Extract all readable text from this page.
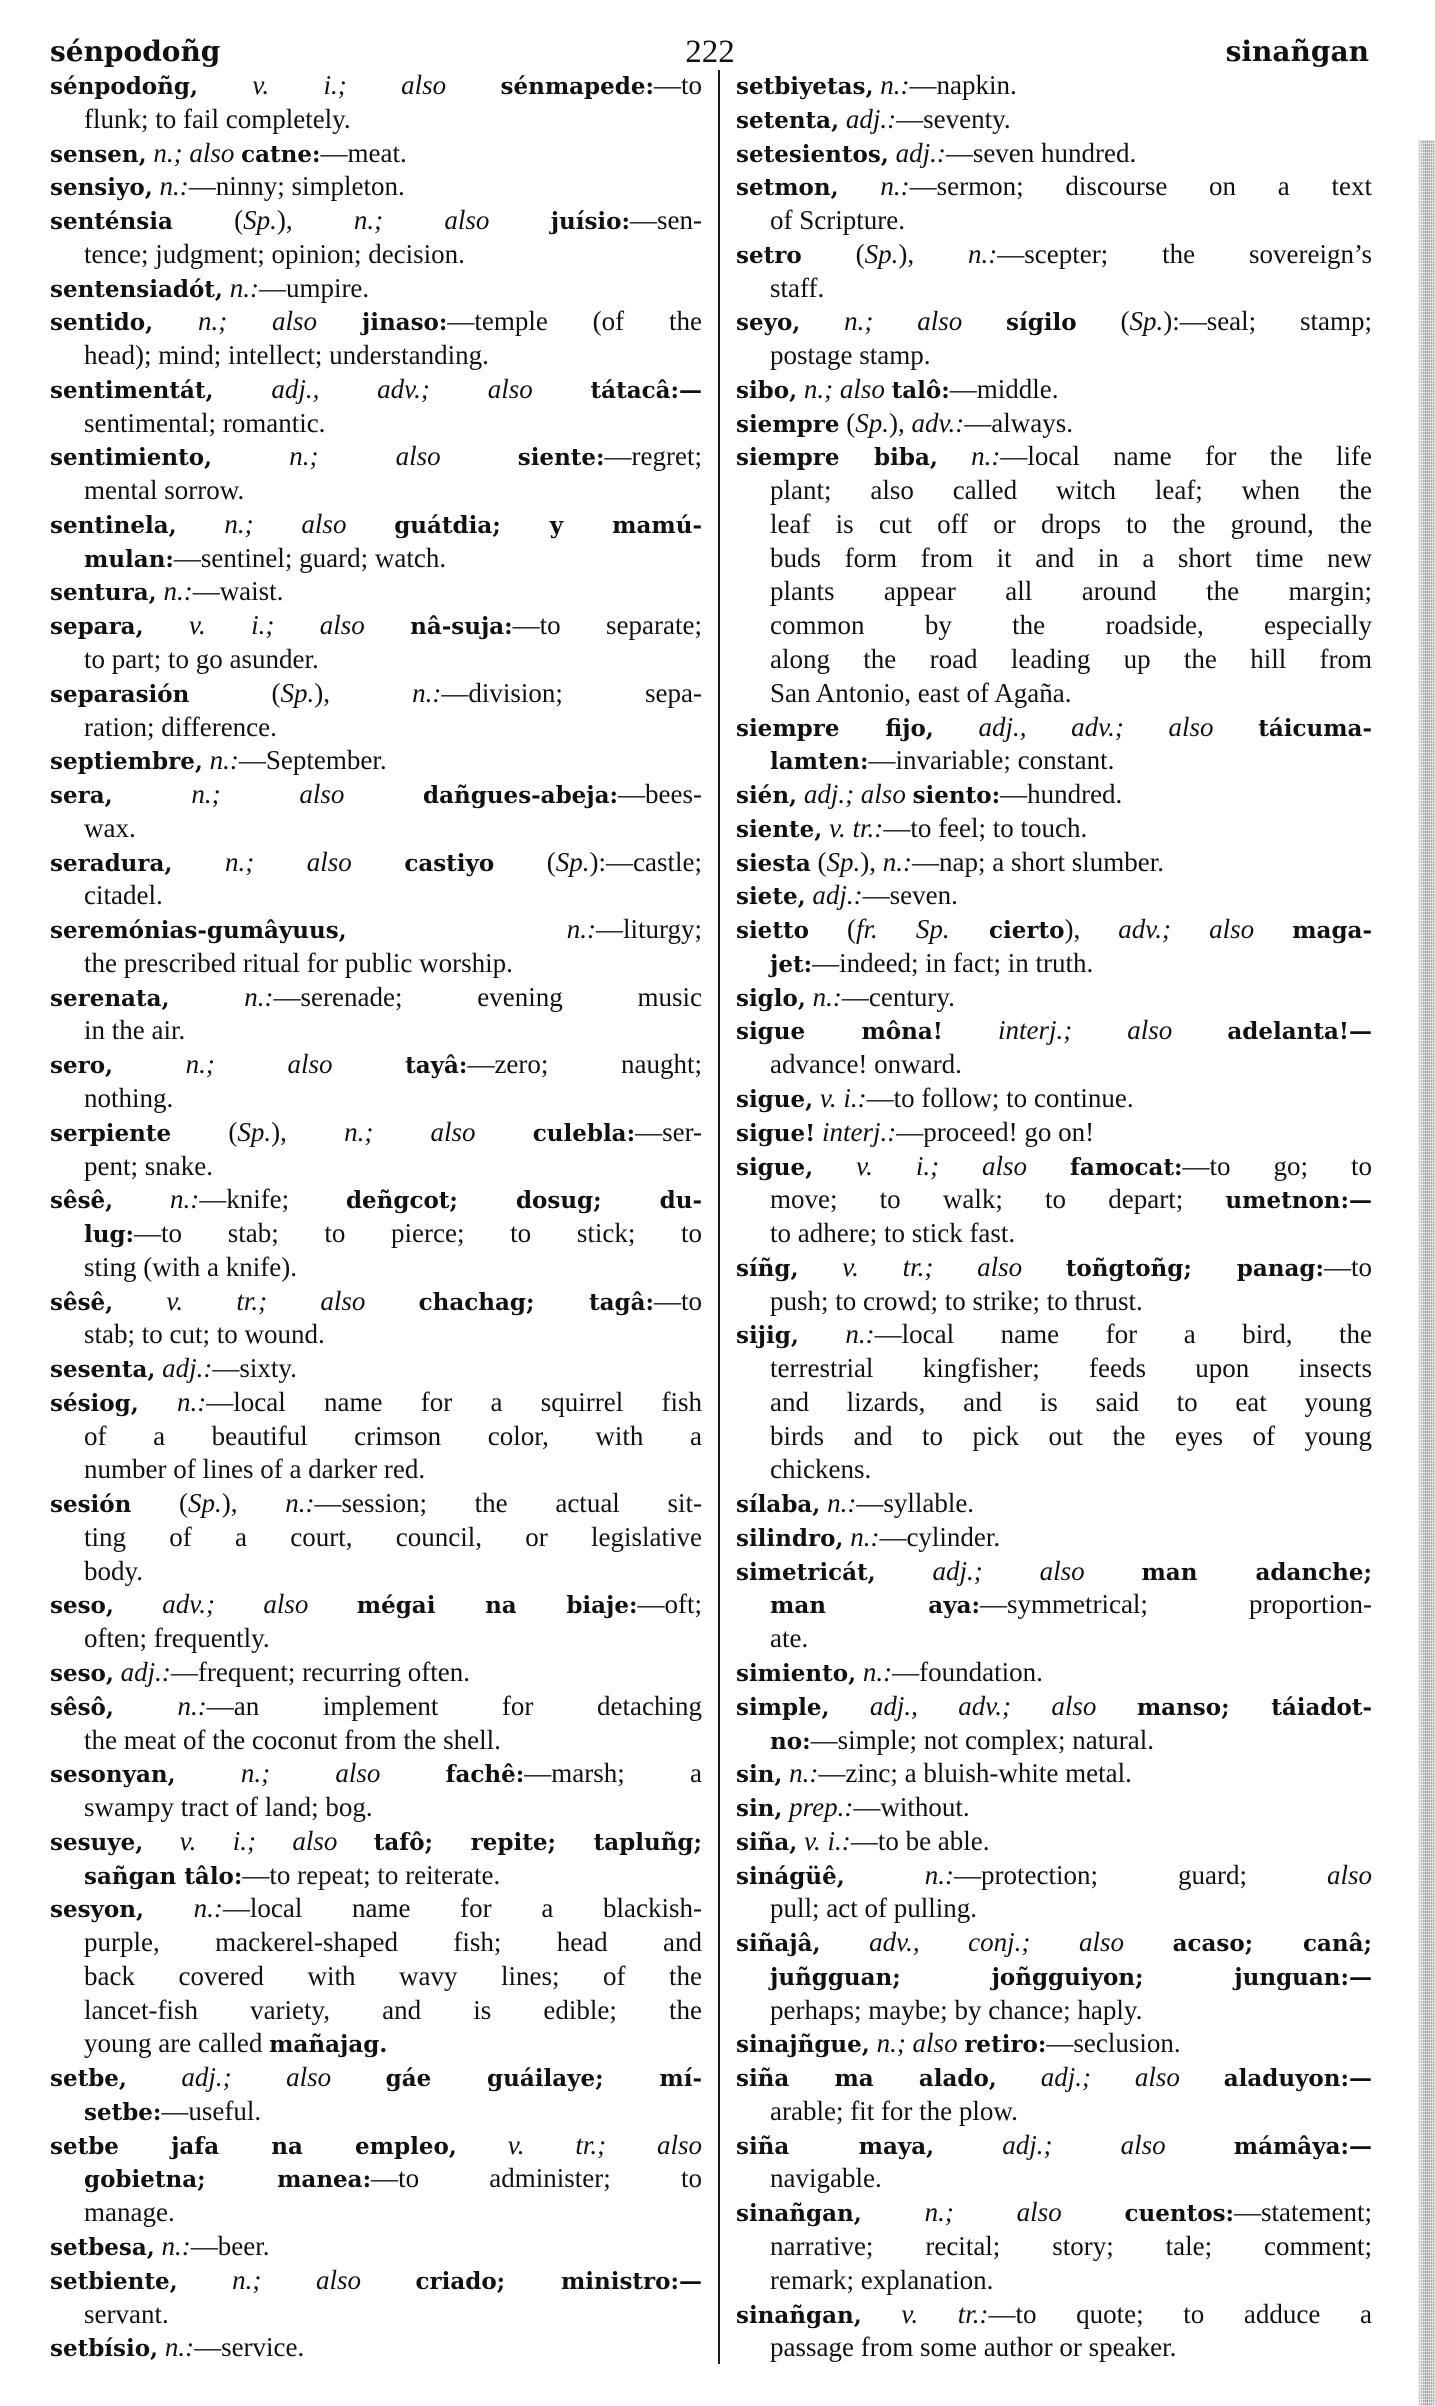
sénpodoñg	222	sinañgan
sénpodoñg, v. i.; also sénmapede:—to
flunk; to fail completely.
sensen, n.; also catne:—meat.
sensiyo, n.:—ninny; simpleton.
senténsia (Sp.), n.; also juísio:—sen-
tence; judgment; opinion; decision.
sentensiadót, n.:—umpire.
sentido, n.; also jinaso:—temple (of the
head); mind; intellect; understanding.
sentimentát, adj., adv.; also tátacâ:—
sentimental; romantic.
sentimiento, n.; also siente:—regret;
mental sorrow.
sentinela, n.; also guátdia; y mamú-
mulan:—sentinel; guard; watch.
sentura, n.:—waist.
separa, v. i.; also nâ-suja:—to separate;
to part; to go asunder.
separasión (Sp.), n.:—division; sepa-
ration; difference.
septiembre, n.:—September.
sera, n.; also dañgues-abeja:—bees-
wax.
seradura, n.; also castiyo (Sp.):—castle;
citadel.
seremónias-gumâyuus, n.:—liturgy;
the prescribed ritual for public worship.
serenata, n.:—serenade; evening music
in the air.
sero, n.; also tayâ:—zero; naught;
nothing.
serpiente (Sp.), n.; also culebla:—ser-
pent; snake.
sêsê, n.:—knife; deñgcot; dosug; du-
lug:—to stab; to pierce; to stick; to
sting (with a knife).
sêsê, v. tr.; also chachag; tagâ:—to
stab; to cut; to wound.
sesenta, adj.:—sixty.
sésiog, n.:—local name for a squirrel fish
of a beautiful crimson color, with a
number of lines of a darker red.
sesión (Sp.), n.:—session; the actual sit-
ting of a court, council, or legislative
body.
seso, adv.; also mégai na biaje:—oft;
often; frequently.
seso, adj.:—frequent; recurring often.
sêsô, n.:—an implement for detaching
the meat of the coconut from the shell.
sesonyan, n.; also fachê:—marsh; a
swampy tract of land; bog.
sesuye, v. i.; also tafô; repite; tapluñg;
sañgan tâlo:—to repeat; to reiterate.
sesyon, n.:—local name for a blackish-
purple, mackerel-shaped fish; head and
back covered with wavy lines; of the
lancet-fish variety, and is edible; the
young are called mañajag.
setbe, adj.; also gáe guáilaye; mí-
setbe:—useful.
setbe jafa na empleo, v. tr.; also
gobietna; manea:—to administer; to
manage.
setbesa, n.:—beer.
setbiente, n.; also criado; ministro:—
servant.
setbísio, n.:—service.
setbiyetas, n.:—napkin.
setenta, adj.:—seventy.
setesientos, adj.:—seven hundred.
setmon, n.:—sermon; discourse on a text
of Scripture.
setro (Sp.), n.:—scepter; the sovereign’s
staff.
seyo, n.; also sígilo (Sp.):—seal; stamp;
postage stamp.
sibo, n.; also talô:—middle.
siempre (Sp.), adv.:—always.
siempre biba, n.:—local name for the life
plant; also called witch leaf; when the
leaf is cut off or drops to the ground, the
buds form from it and in a short time new
plants appear all around the margin;
common by the roadside, especially
along the road leading up the hill from
San Antonio, east of Agaña.
siempre fijo, adj., adv.; also táicuma-
lamten:—invariable; constant.
sién, adj.; also siento:—hundred.
siente, v. tr.:—to feel; to touch.
siesta (Sp.), n.:—nap; a short slumber.
siete, adj.:—seven.
sietto (fr. Sp. cierto), adv.; also maga-
jet:—indeed; in fact; in truth.
siglo, n.:—century.
sigue môna! interj.; also adelanta!—
advance! onward.
sigue, v. i.:—to follow; to continue.
sigue! interj.:—proceed! go on!
sigue, v. i.; also famocat:—to go; to
move; to walk; to depart; umetnon:—
to adhere; to stick fast.
síñg, v. tr.; also toñgtoñg; panag:—to
push; to crowd; to strike; to thrust.
sijig, n.:—local name for a bird, the
terrestrial kingfisher; feeds upon insects
and lizards, and is said to eat young
birds and to pick out the eyes of young
chickens.
sílaba, n.:—syllable.
silindro, n.:—cylinder.
simetricát, adj.; also man adanche;
man aya:—symmetrical; proportion-
ate.
simiento, n.:—foundation.
simple, adj., adv.; also manso; táiadot-
no:—simple; not complex; natural.
sin, n.:—zinc; a bluish-white metal.
sin, prep.:—without.
siña, v. i.:—to be able.
sinágüê, n.:—protection; guard; also
pull; act of pulling.
siñajâ, adv., conj.; also acaso; canâ;
juñgguan; joñgguiyon; junguan:—
perhaps; maybe; by chance; haply.
sinajñgue, n.; also retiro:—seclusion.
siña ma alado, adj.; also aladuyon:—
arable; fit for the plow.
siña maya, adj.; also mámâya:—
navigable.
sinañgan, n.; also cuentos:—statement;
narrative; recital; story; tale; comment;
remark; explanation.
sinañgan, v. tr.:—to quote; to adduce a
passage from some author or speaker.
